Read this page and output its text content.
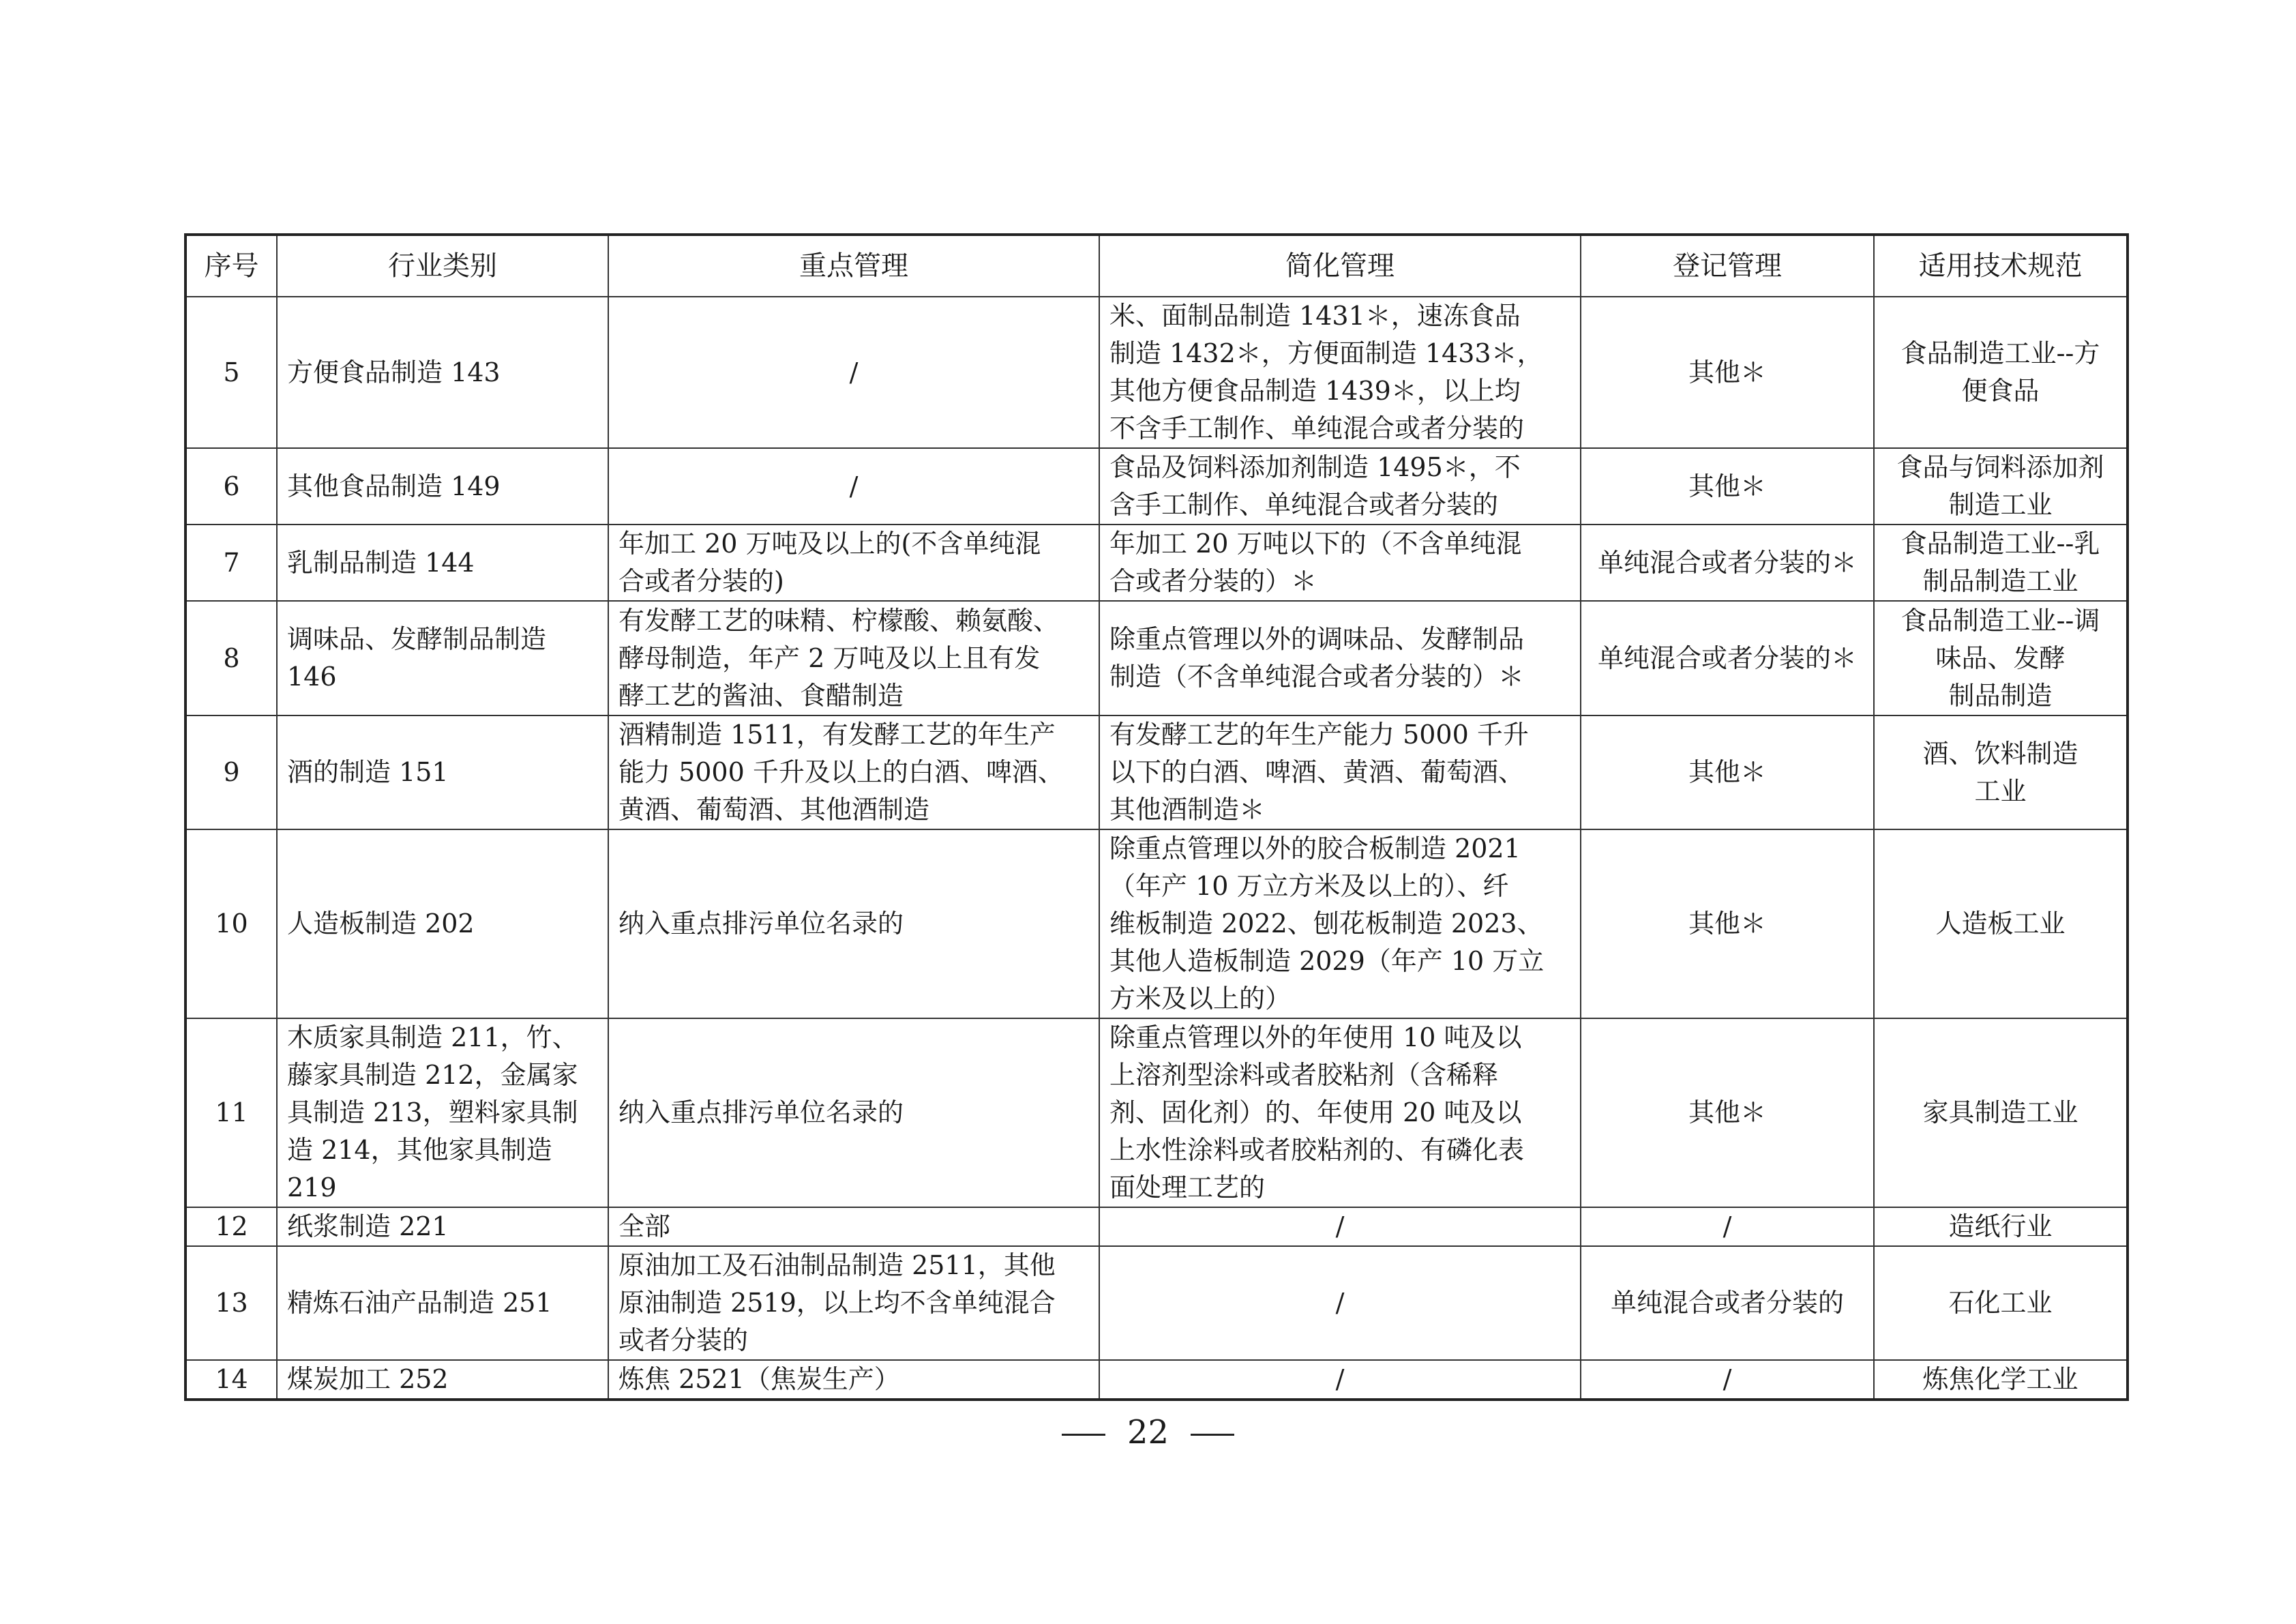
序号	行业类别	重点管理	简化管理	登记管理	适用技术规范

5	方便食品制造 143	/	米、面制品制造 1431＊，速冻食品
制造 1432＊，方便面制造 1433＊，
其他方便食品制造 1439＊，以上均
不含手工制作、单纯混合或者分装的	其他＊	食品制造工业--方
便食品

6	其他食品制造 149	/	食品及饲料添加剂制造 1495＊，不
含手工制作、单纯混合或者分装的	其他＊	食品与饲料添加剂
制造工业

7	乳制品制造 144	年加工 20 万吨及以上的(不含单纯混
合或者分装的)	年加工 20 万吨以下的（不含单纯混
合或者分装的）＊	单纯混合或者分装的＊	食品制造工业--乳
制品制造工业

8	调味品、发酵制品制造
146	有发酵工艺的味精、柠檬酸、赖氨酸、
酵母制造，年产 2 万吨及以上且有发
酵工艺的酱油、食醋制造	除重点管理以外的调味品、发酵制品
制造（不含单纯混合或者分装的）＊	单纯混合或者分装的＊	食品制造工业--调
味品、发酵
制品制造

9	酒的制造 151	酒精制造 1511，有发酵工艺的年生产
能力 5000 千升及以上的白酒、啤酒、
黄酒、葡萄酒、其他酒制造	有发酵工艺的年生产能力 5000 千升
以下的白酒、啤酒、黄酒、葡萄酒、
其他酒制造＊	其他＊	酒、饮料制造
工业

10	人造板制造 202	纳入重点排污单位名录的	除重点管理以外的胶合板制造 2021
（年产 10 万立方米及以上的）、纤
维板制造 2022、刨花板制造 2023、
其他人造板制造 2029（年产 10 万立
方米及以上的）	其他＊	人造板工业

11	木质家具制造 211，竹、
藤家具制造 212，金属家
具制造 213，塑料家具制
造 214，其他家具制造
219	纳入重点排污单位名录的	除重点管理以外的年使用 10 吨及以
上溶剂型涂料或者胶粘剂（含稀释
剂、固化剂）的、年使用 20 吨及以
上水性涂料或者胶粘剂的、有磷化表
面处理工艺的	其他＊	家具制造工业

12	纸浆制造 221	全部	/	/	造纸行业

13	精炼石油产品制造 251	原油加工及石油制品制造 2511，其他
原油制造 2519，以上均不含单纯混合
或者分装的	/	单纯混合或者分装的	石化工业

14	煤炭加工 252	炼焦 2521（焦炭生产）	/	/	炼焦化学工业
22
